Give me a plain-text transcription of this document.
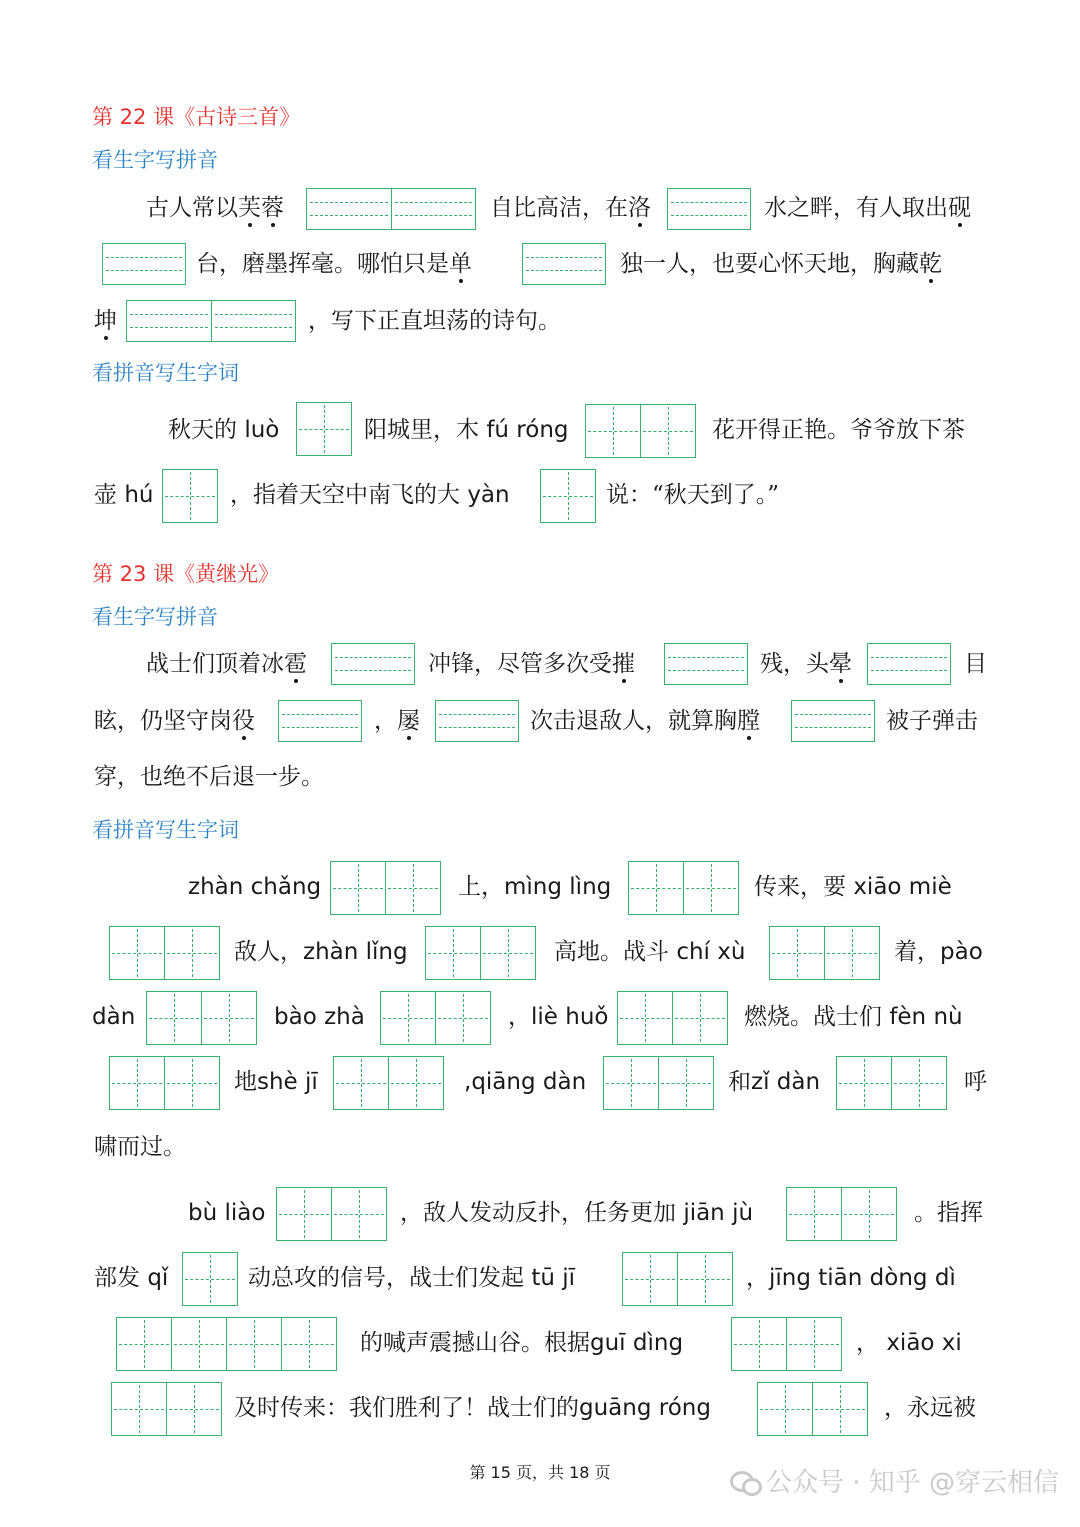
第 22 课《古诗三首》
看生字写拼音
古人常以芙蓉	自比高洁，在洛	水之畔，有人取出砚
台，磨墨挥毫。哪怕只是单	独一人，也要心怀天地，胸藏乾
坤	，写下正直坦荡的诗句。
看拼音写生字词
秋天的 luò	阳城里，木 fú róng	花开得正艳。爷爷放下茶
壶 hú	，指着天空中南飞的大 yàn	说：“秋天到了。”
第 23 课《黄继光》
看生字写拼音
战士们顶着冰雹	冲锋，尽管多次受摧	残，头晕	目
眩，仍坚守岗役	，屡	次击退敌人，就算胸膛	被子弹击
穿，也绝不后退一步。
看拼音写生字词
zhàn chǎng	上，mìng lìng	传来，要 xiāo miè
敌人，zhàn lǐng	高地。战斗 chí xù	着，pào
dàn	bào zhà	，liè huǒ	燃烧。战士们 fèn nù
地shè jī	,qiāng dàn	和zǐ dàn	呼
啸而过。
bù liào	，敌人发动反扑，任务更加 jiān jù	。指挥
部发 qǐ	动总攻的信号，战士们发起 tū jī	，jīng tiān dòng dì
的喊声震撼山谷。根据guī dìng	， xiāo xi
及时传来：我们胜利了！战士们的guāng róng	，永远被
第 15 页，共 18 页	公众号 · 知乎 @穿云相信
